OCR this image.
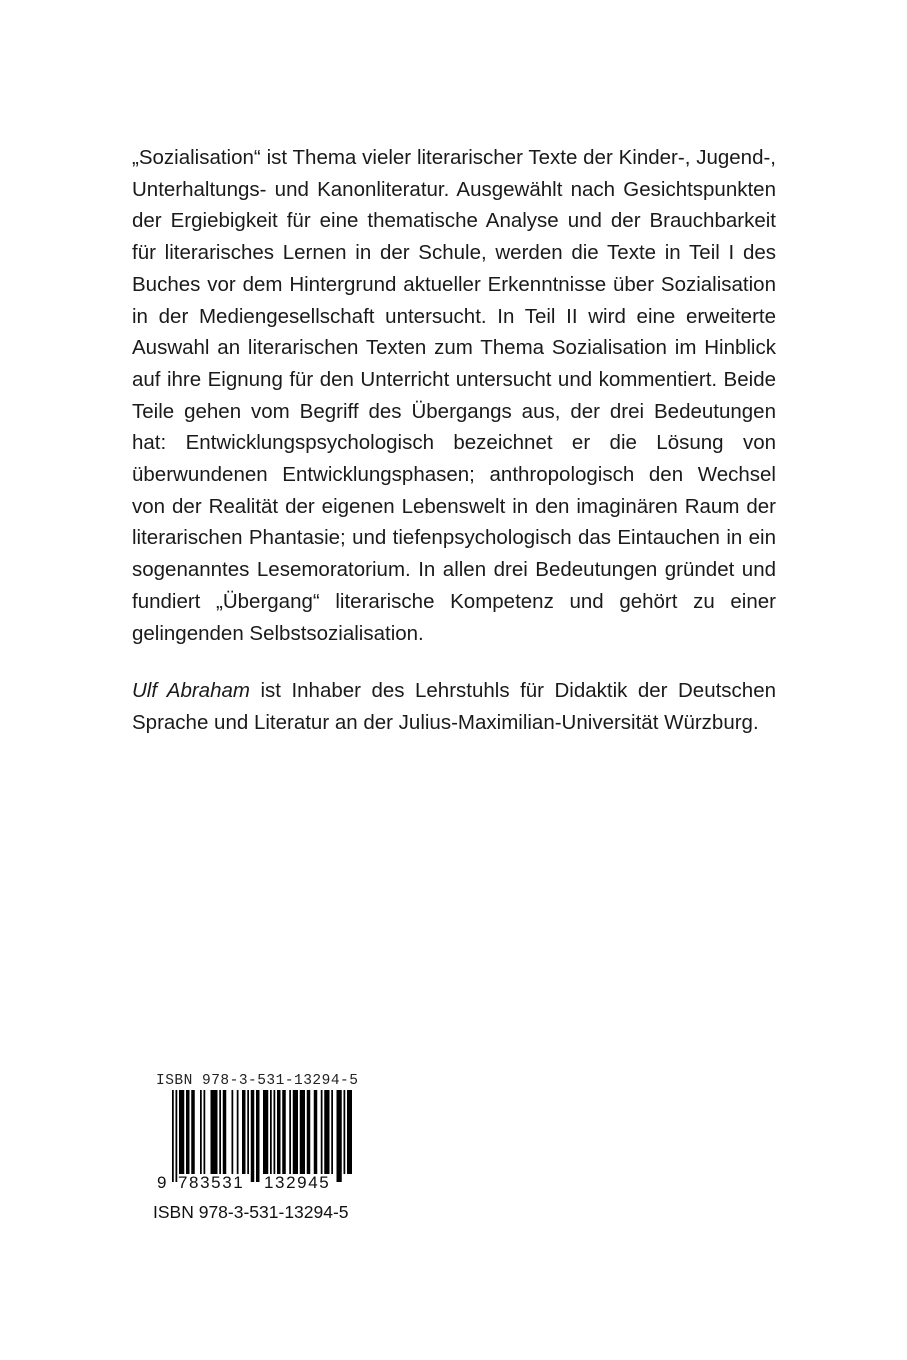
„Sozialisation“ ist Thema vieler literarischer Texte der Kinder-, Jugend-, Unterhaltungs- und Kanonliteratur. Ausgewählt nach Gesichtspunkten der Ergiebigkeit für eine thematische Analyse und der Brauchbarkeit für literarisches Lernen in der Schule, werden die Texte in Teil I des Buches vor dem Hintergrund aktueller Erkenntnisse über Sozialisation in der Mediengesellschaft untersucht. In Teil II wird eine erweiterte Auswahl an literarischen Texten zum Thema Sozialisation im Hinblick auf ihre Eignung für den Unterricht untersucht und kommentiert. Beide Teile gehen vom Begriff des Übergangs aus, der drei Bedeutungen hat: Entwicklungspsychologisch bezeichnet er die Lösung von überwundenen Entwicklungsphasen; anthropologisch den Wechsel von der Realität der eigenen Lebenswelt in den imaginären Raum der literarischen Phantasie; und tiefenpsychologisch das Eintauchen in ein sogenanntes Lesemoratorium. In allen drei Bedeutungen gründet und fundiert „Übergang“ literarische Kompetenz und gehört zu einer gelingenden Selbstsozialisation.

Ulf Abraham ist Inhaber des Lehrstuhls für Didaktik der Deutschen Sprache und Literatur an der Julius-Maximilian-Universität Würzburg.

ISBN 978-3-531-13294-5
9 783531 132945
ISBN 978-3-531-13294-5
